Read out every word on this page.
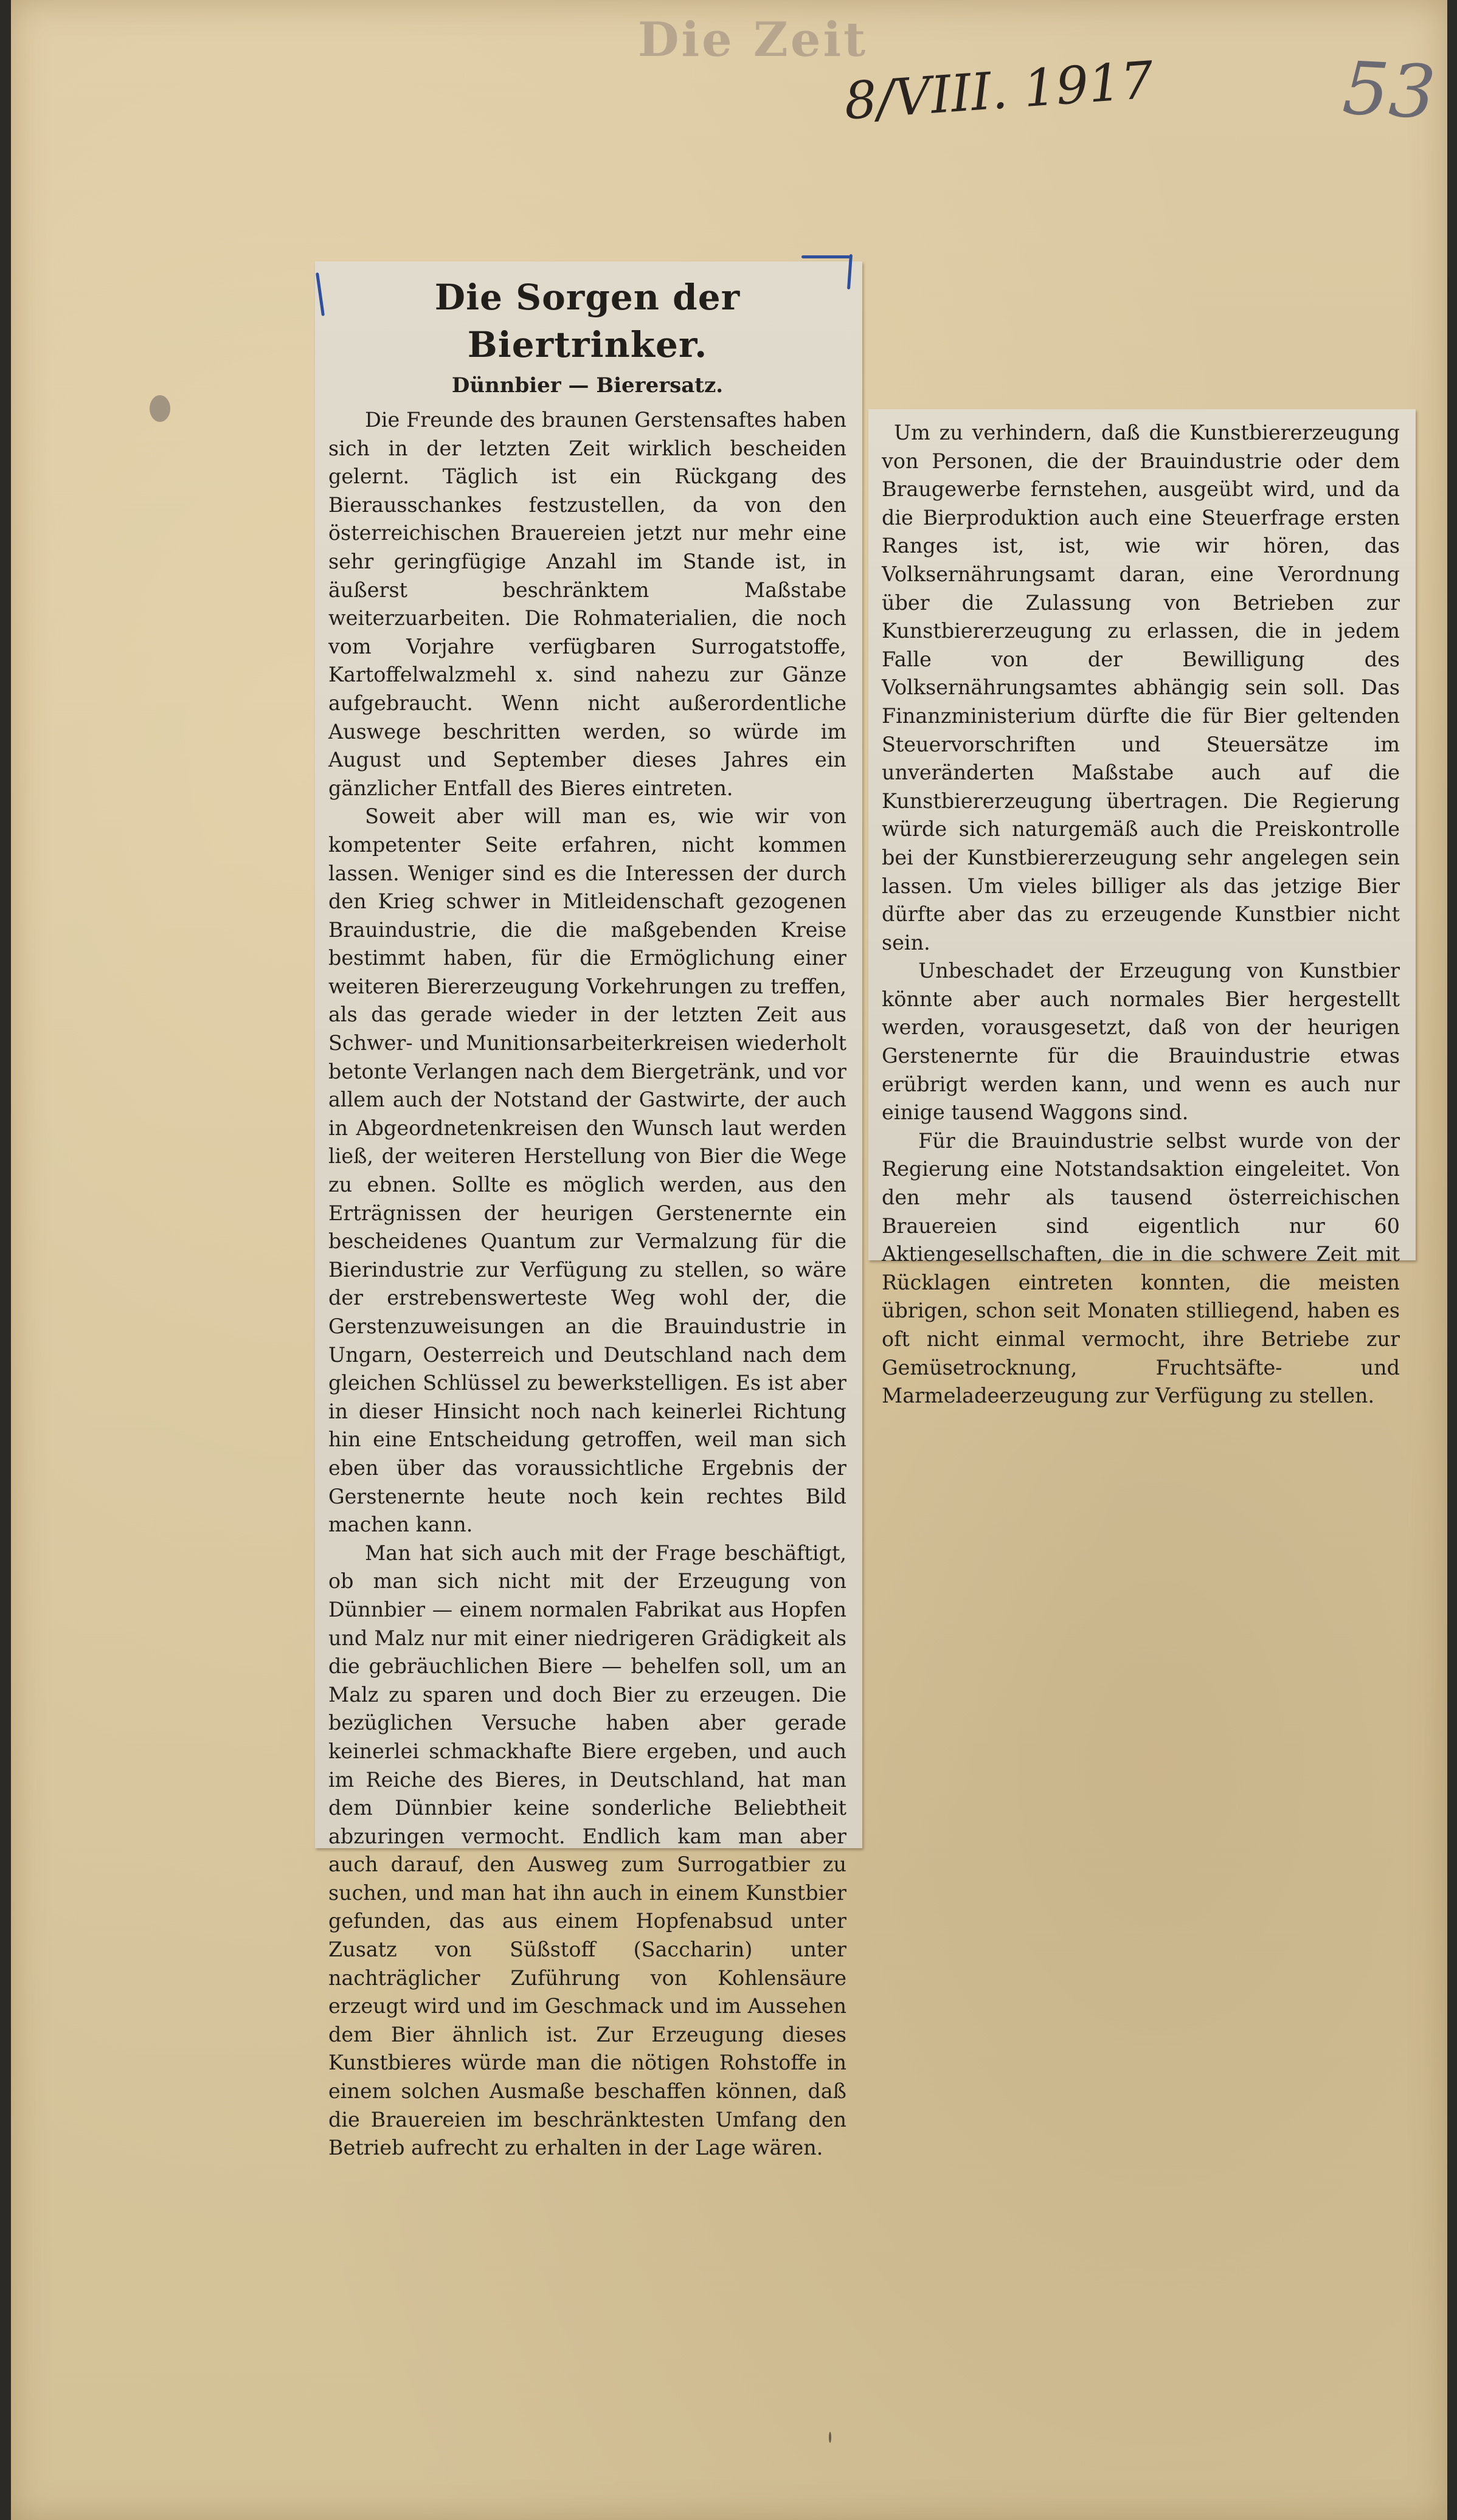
Die Zeit
8/VIII. 1917	53
Die Sorgen der Biertrinker.
Dünnbier — Bierersatz.

Die Freunde des braunen Gerstensaftes haben sich in der letzten Zeit wirklich bescheiden gelernt. Täglich ist ein Rückgang des Bierausschankes festzustellen, da von den österreichischen Brauereien jetzt nur mehr eine sehr geringfügige Anzahl im Stande ist, in äußerst beschränktem Maßstabe weiterzuarbeiten. Die Rohmaterialien, die noch vom Vorjahre verfügbaren Surrogatstoffe, Kartoffelwalzmehl x. sind nahezu zur Gänze aufgebraucht. Wenn nicht außerordentliche Auswege beschritten werden, so würde im August und September dieses Jahres ein gänzlicher Entfall des Bieres eintreten.

Soweit aber will man es, wie wir von kompetenter Seite erfahren, nicht kommen lassen. Weniger sind es die Interessen der durch den Krieg schwer in Mitleidenschaft gezogenen Brauindustrie, die die maßgebenden Kreise bestimmt haben, für die Ermöglichung einer weiteren Biererzeugung Vorkehrungen zu treffen, als das gerade wieder in der letzten Zeit aus Schwer- und Munitionsarbeiterkreisen wiederholt betonte Verlangen nach dem Biergetränk, und vor allem auch der Notstand der Gastwirte, der auch in Abgeordnetenkreisen den Wunsch laut werden ließ, der weiteren Herstellung von Bier die Wege zu ebnen. Sollte es möglich werden, aus den Erträgnissen der heurigen Gerstenernte ein bescheidenes Quantum zur Vermalzung für die Bierindustrie zur Verfügung zu stellen, so wäre der erstrebenswerteste Weg wohl der, die Gerstenzuweisungen an die Brauindustrie in Ungarn, Oesterreich und Deutschland nach dem gleichen Schlüssel zu bewerkstelligen. Es ist aber in dieser Hinsicht noch nach keinerlei Richtung hin eine Entscheidung getroffen, weil man sich eben über das voraussichtliche Ergebnis der Gerstenernte heute noch kein rechtes Bild machen kann.

Man hat sich auch mit der Frage beschäftigt, ob man sich nicht mit der Erzeugung von Dünnbier — einem normalen Fabrikat aus Hopfen und Malz nur mit einer niedrigeren Grädigkeit als die gebräuchlichen Biere — behelfen soll, um an Malz zu sparen und doch Bier zu erzeugen. Die bezüglichen Versuche haben aber gerade keinerlei schmackhafte Biere ergeben, und auch im Reiche des Bieres, in Deutschland, hat man dem Dünnbier keine sonderliche Beliebtheit abzuringen vermocht. Endlich kam man aber auch darauf, den Ausweg zum Surrogatbier zu suchen, und man hat ihn auch in einem Kunstbier gefunden, das aus einem Hopfenabsud unter Zusatz von Süßstoff (Saccharin) unter nachträglicher Zuführung von Kohlensäure erzeugt wird und im Geschmack und im Aussehen dem Bier ähnlich ist. Zur Erzeugung dieses Kunstbieres würde man die nötigen Rohstoffe in einem solchen Ausmaße beschaffen können, daß die Brauereien im beschränktesten Umfang den Betrieb aufrecht zu erhalten in der Lage wären.

Um zu verhindern, daß die Kunstbiererzeugung von Personen, die der Brauindustrie oder dem Braugewerbe fernstehen, ausgeübt wird, und da die Bierproduktion auch eine Steuerfrage ersten Ranges ist, ist, wie wir hören, das Volksernährungsamt daran, eine Verordnung über die Zulassung von Betrieben zur Kunstbiererzeugung zu erlassen, die in jedem Falle von der Bewilligung des Volksernährungsamtes abhängig sein soll. Das Finanzministerium dürfte die für Bier geltenden Steuervorschriften und Steuersätze im unveränderten Maßstabe auch auf die Kunstbiererzeugung übertragen. Die Regierung würde sich naturgemäß auch die Preiskontrolle bei der Kunstbiererzeugung sehr angelegen sein lassen. Um vieles billiger als das jetzige Bier dürfte aber das zu erzeugende Kunstbier nicht sein.

Unbeschadet der Erzeugung von Kunstbier könnte aber auch normales Bier hergestellt werden, vorausgesetzt, daß von der heurigen Gerstenernte für die Brauindustrie etwas erübrigt werden kann, und wenn es auch nur einige tausend Waggons sind.

Für die Brauindustrie selbst wurde von der Regierung eine Notstandsaktion eingeleitet. Von den mehr als tausend österreichischen Brauereien sind eigentlich nur 60 Aktiengesellschaften, die in die schwere Zeit mit Rücklagen eintreten konnten, die meisten übrigen, schon seit Monaten stilliegend, haben es oft nicht einmal vermocht, ihre Betriebe zur Gemüsetrocknung, Fruchtsäfte- und Marmeladeerzeugung zur Verfügung zu stellen.
